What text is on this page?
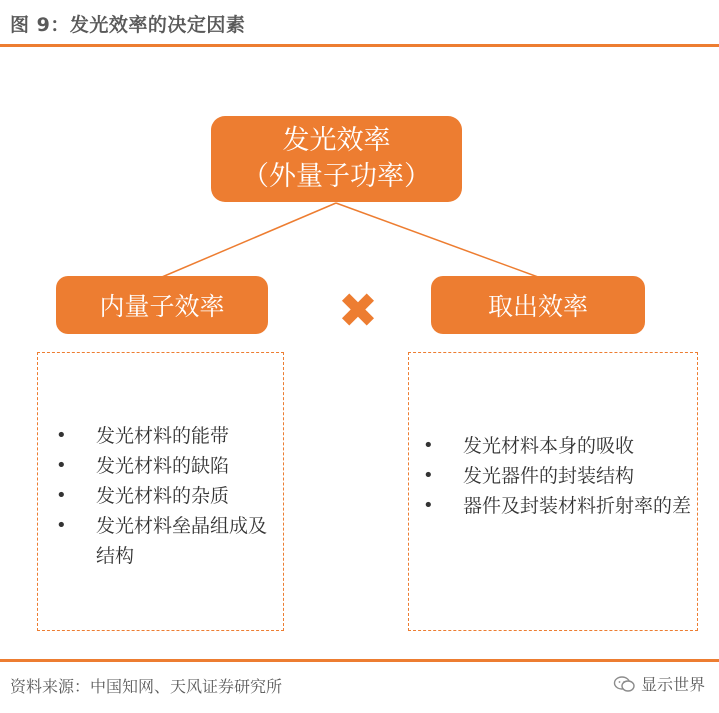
图 9：发光效率的决定因素
发光效率
（外量子功率）
内量子效率 ✖	取出效率
• 发光材料的能带
• 发光材料的缺陷
• 发光材料的杂质
• 发光材料垒晶组成及结构
• 发光材料本身的吸收
• 发光器件的封装结构
• 器件及封装材料折射率的差
资料来源：中国知网、天风证券研究所	显示世界
